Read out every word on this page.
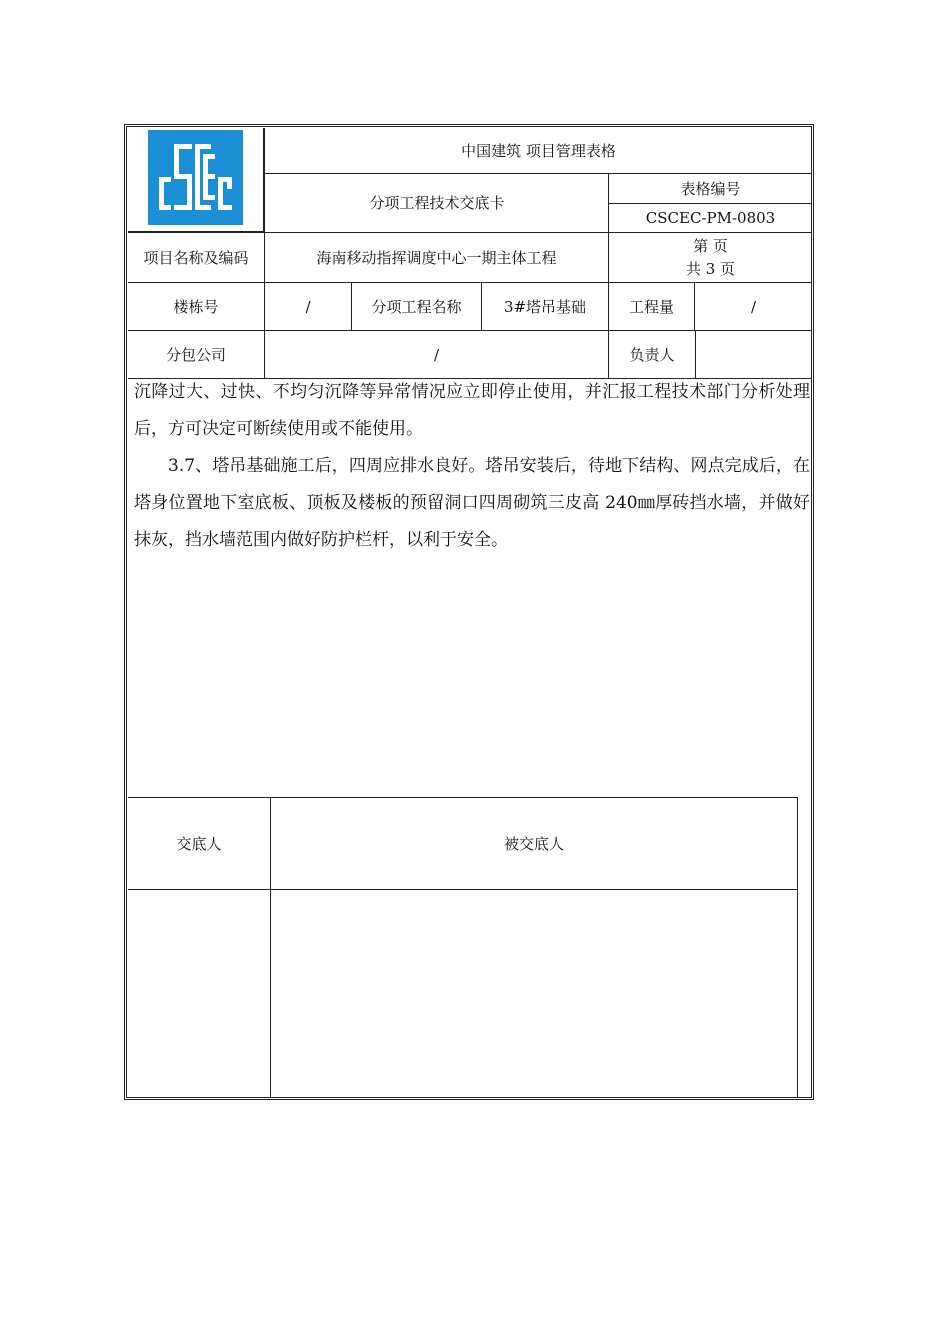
中国建筑 项目管理表格
分项工程技术交底卡
表格编号
CSCEC-PM-0803
项目名称及编码	海南移动指挥调度中心一期主体工程
第 页
共 3 页
楼栋号	/	分项工程名称	3#塔吊基础	工程量	/
分包公司	/	负责人

沉降过大、过快、不均匀沉降等异常情况应立即停止使用，并汇报工程技术部门分析处理后，方可决定可断续使用或不能使用。

3.7、塔吊基础施工后，四周应排水良好。塔吊安装后，待地下结构、网点完成后，在塔身位置地下室底板、顶板及楼板的预留洞口四周砌筑三皮高 240㎜厚砖挡水墙，并做好抹灰，挡水墙范围内做好防护栏杆，以利于安全。

交底人	被交底人
